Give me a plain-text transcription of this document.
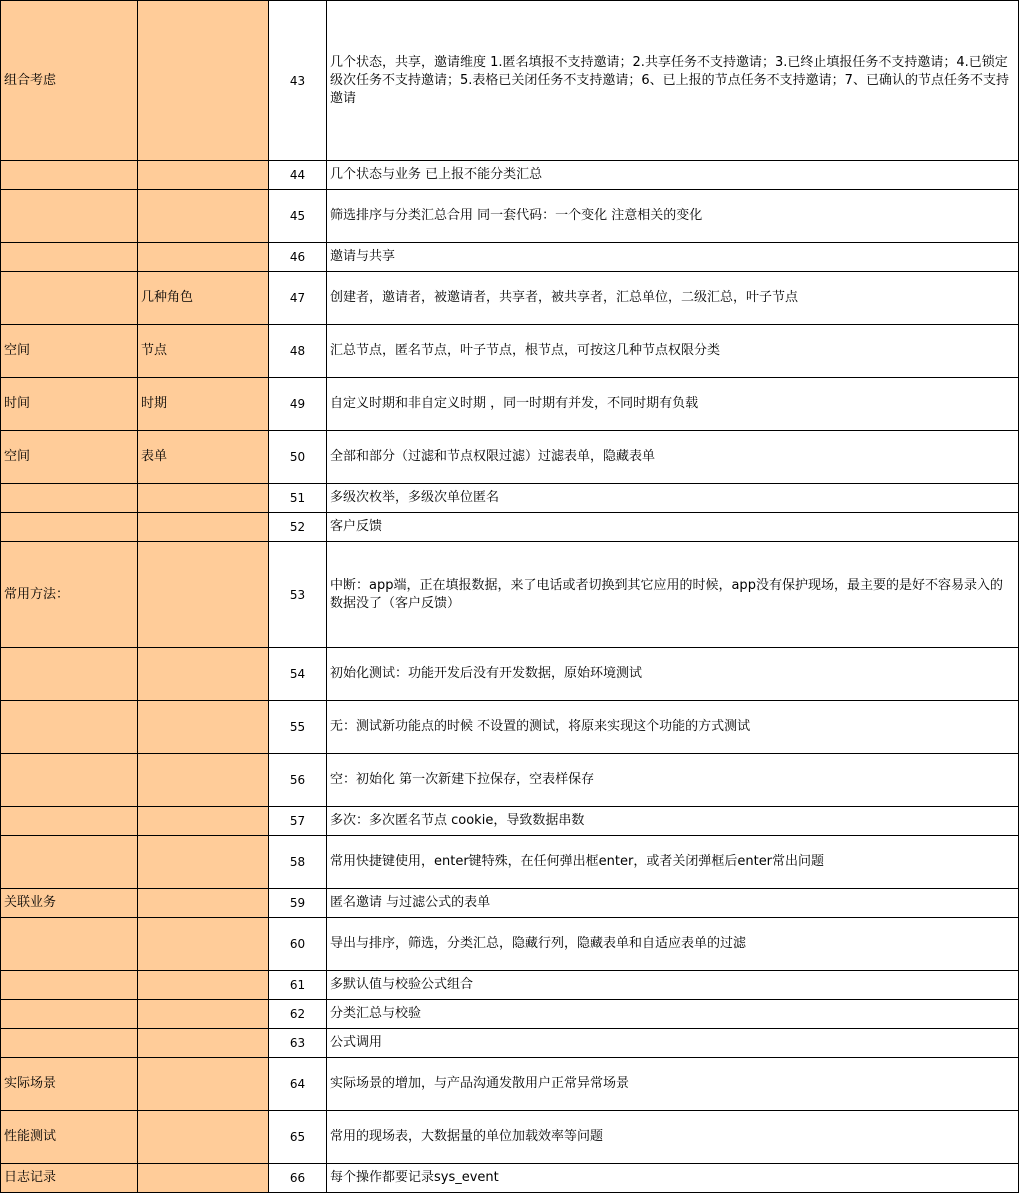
组合考虑		43	几个状态，共享，邀请维度 1.匿名填报不支持邀请；2.共享任务不支持邀请；3.已终止填报任务不支持邀请；4.已锁定级次任务不支持邀请；5.表格已关闭任务不支持邀请；6、已上报的节点任务不支持邀请；7、已确认的节点任务不支持邀请
		44	几个状态与业务 已上报不能分类汇总
		45	筛选排序与分类汇总合用 同一套代码：一个变化 注意相关的变化
		46	邀请与共享
	几种角色	47	创建者，邀请者，被邀请者，共享者，被共享者，汇总单位，二级汇总，叶子节点
空间	节点	48	汇总节点，匿名节点，叶子节点，根节点，可按这几种节点权限分类
时间	时期	49	自定义时期和非自定义时期 ，同一时期有并发，不同时期有负载
空间	表单	50	全部和部分（过滤和节点权限过滤）过滤表单，隐藏表单
		51	多级次枚举，多级次单位匿名
		52	客户反馈
常用方法：		53	中断：app端，正在填报数据，来了电话或者切换到其它应用的时候，app没有保护现场，最主要的是好不容易录入的数据没了（客户反馈）
		54	初始化测试：功能开发后没有开发数据，原始环境测试
		55	无：测试新功能点的时候 不设置的测试，将原来实现这个功能的方式测试
		56	空：初始化 第一次新建下拉保存，空表样保存
		57	多次：多次匿名节点 cookie，导致数据串数
		58	常用快捷键使用，enter键特殊，在任何弹出框enter，或者关闭弹框后enter常出问题
关联业务		59	匿名邀请 与过滤公式的表单
		60	导出与排序，筛选，分类汇总，隐藏行列，隐藏表单和自适应表单的过滤
		61	多默认值与校验公式组合
		62	分类汇总与校验
		63	公式调用
实际场景		64	实际场景的增加，与产品沟通发散用户正常异常场景
性能测试		65	常用的现场表，大数据量的单位加载效率等问题
日志记录		66	每个操作都要记录sys_event
